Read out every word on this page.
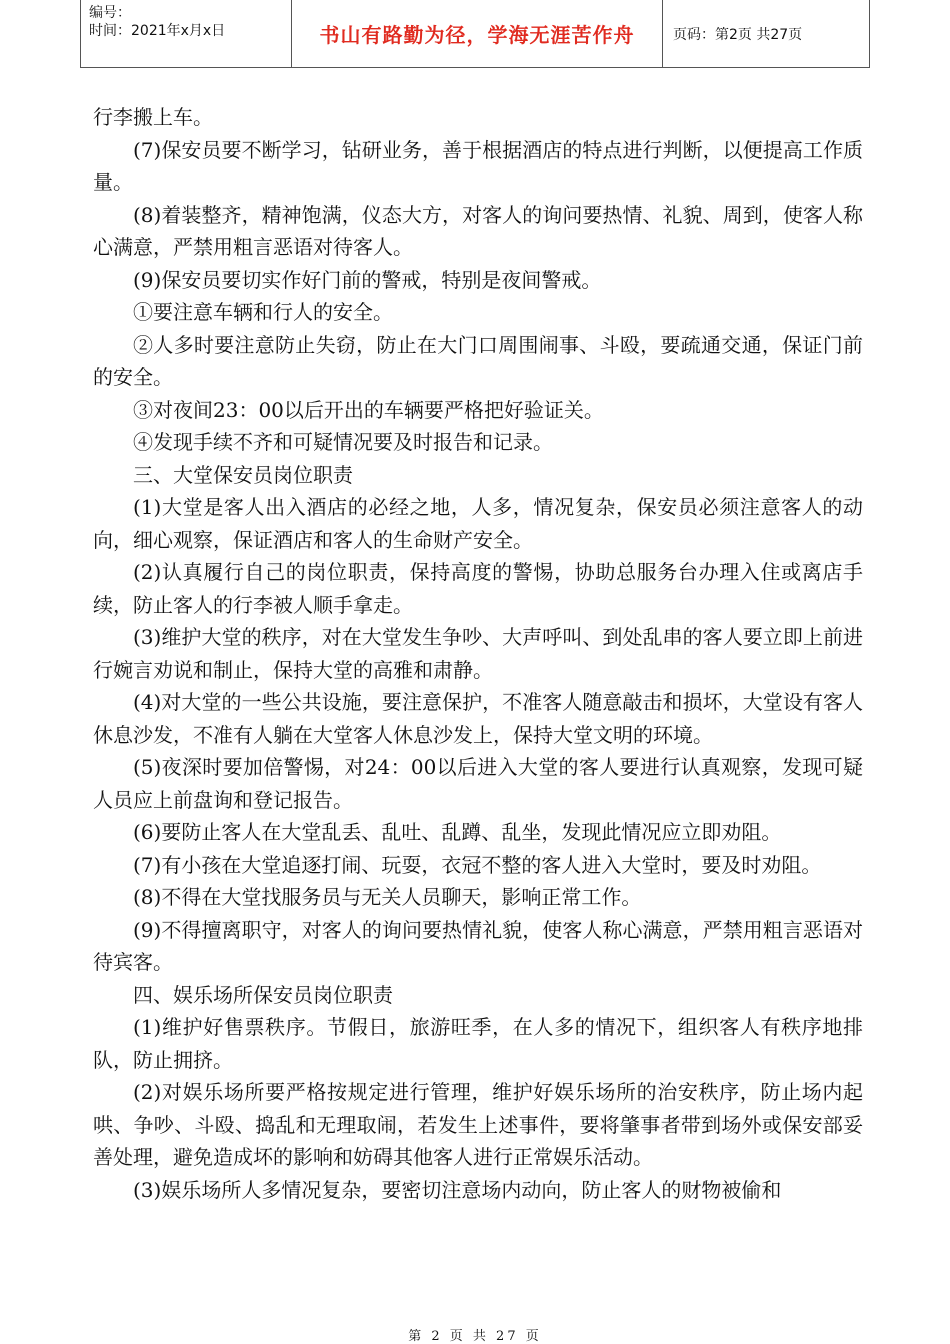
编号：
时间：2021年x月x日	书山有路勤为径，学海无涯苦作舟	页码：第2页 共27页

行李搬上车。

(7)保安员要不断学习，钻研业务，善于根据酒店的特点进行判断，以便提高工作质量。

(8)着装整齐，精神饱满，仪态大方，对客人的询问要热情、礼貌、周到，使客人称心满意，严禁用粗言恶语对待客人。

(9)保安员要切实作好门前的警戒，特别是夜间警戒。

①要注意车辆和行人的安全。

②人多时要注意防止失窃，防止在大门口周围闹事、斗殴，要疏通交通，保证门前的安全。

③对夜间23：00以后开出的车辆要严格把好验证关。

④发现手续不齐和可疑情况要及时报告和记录。

三、大堂保安员岗位职责

(1)大堂是客人出入酒店的必经之地，人多，情况复杂，保安员必须注意客人的动向，细心观察，保证酒店和客人的生命财产安全。

(2)认真履行自己的岗位职责，保持高度的警惕，协助总服务台办理入住或离店手续，防止客人的行李被人顺手拿走。

(3)维护大堂的秩序，对在大堂发生争吵、大声呼叫、到处乱串的客人要立即上前进行婉言劝说和制止，保持大堂的高雅和肃静。

(4)对大堂的一些公共设施，要注意保护，不准客人随意敲击和损坏，大堂设有客人休息沙发，不准有人躺在大堂客人休息沙发上，保持大堂文明的环境。

(5)夜深时要加倍警惕，对24：00以后进入大堂的客人要进行认真观察，发现可疑人员应上前盘询和登记报告。

(6)要防止客人在大堂乱丢、乱吐、乱蹲、乱坐，发现此情况应立即劝阻。

(7)有小孩在大堂追逐打闹、玩耍，衣冠不整的客人进入大堂时，要及时劝阻。

(8)不得在大堂找服务员与无关人员聊天，影响正常工作。

(9)不得擅离职守，对客人的询问要热情礼貌，使客人称心满意，严禁用粗言恶语对待宾客。

四、娱乐场所保安员岗位职责

(1)维护好售票秩序。节假日，旅游旺季，在人多的情况下，组织客人有秩序地排队，防止拥挤。

(2)对娱乐场所要严格按规定进行管理，维护好娱乐场所的治安秩序，防止场内起哄、争吵、斗殴、捣乱和无理取闹，若发生上述事件，要将肇事者带到场外或保安部妥善处理，避免造成坏的影响和妨碍其他客人进行正常娱乐活动。

(3)娱乐场所人多情况复杂，要密切注意场内动向，防止客人的财物被偷和

第 2 页 共 27 页
